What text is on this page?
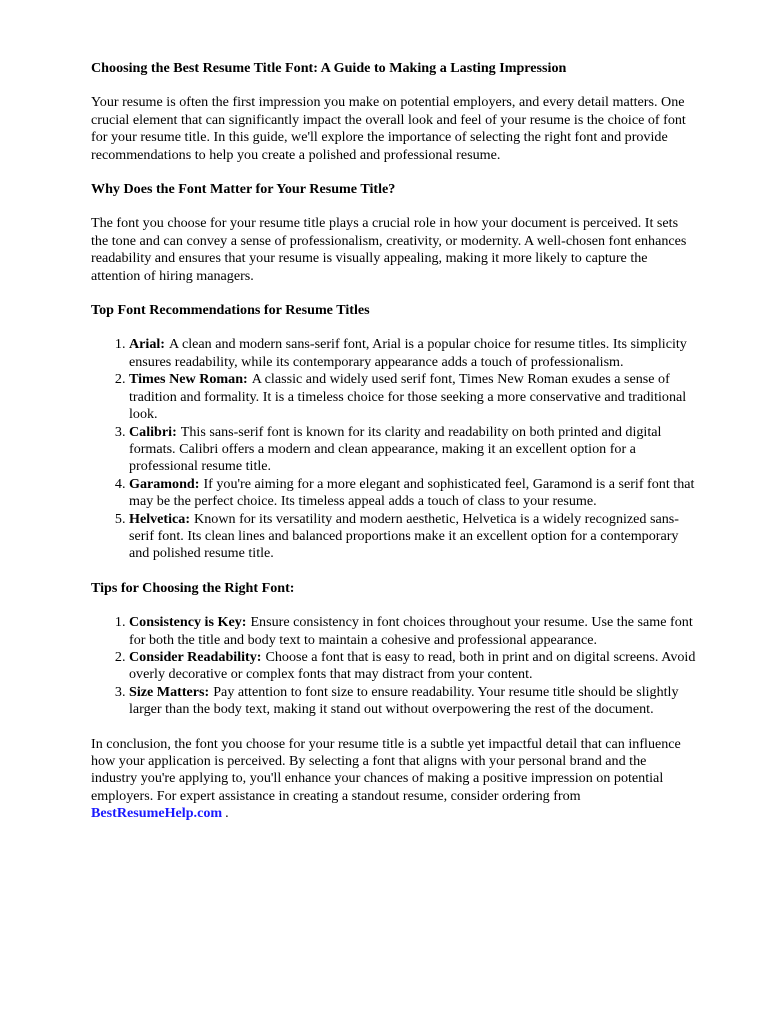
Choosing the Best Resume Title Font: A Guide to Making a Lasting Impression

Your resume is often the first impression you make on potential employers, and every detail matters. One crucial element that can significantly impact the overall look and feel of your resume is the choice of font for your resume title. In this guide, we'll explore the importance of selecting the right font and provide recommendations to help you create a polished and professional resume.

Why Does the Font Matter for Your Resume Title?

The font you choose for your resume title plays a crucial role in how your document is perceived. It sets the tone and can convey a sense of professionalism, creativity, or modernity. A well-chosen font enhances readability and ensures that your resume is visually appealing, making it more likely to capture the attention of hiring managers.

Top Font Recommendations for Resume Titles
1. Arial: A clean and modern sans-serif font, Arial is a popular choice for resume titles. Its simplicity ensures readability, while its contemporary appearance adds a touch of professionalism.
2. Times New Roman: A classic and widely used serif font, Times New Roman exudes a sense of tradition and formality. It is a timeless choice for those seeking a more conservative and traditional look.
3. Calibri: This sans-serif font is known for its clarity and readability on both printed and digital formats. Calibri offers a modern and clean appearance, making it an excellent option for a professional resume title.
4. Garamond: If you're aiming for a more elegant and sophisticated feel, Garamond is a serif font that may be the perfect choice. Its timeless appeal adds a touch of class to your resume.
5. Helvetica: Known for its versatility and modern aesthetic, Helvetica is a widely recognized sans-serif font. Its clean lines and balanced proportions make it an excellent option for a contemporary and polished resume title.
Tips for Choosing the Right Font:
1. Consistency is Key: Ensure consistency in font choices throughout your resume. Use the same font for both the title and body text to maintain a cohesive and professional appearance.
2. Consider Readability: Choose a font that is easy to read, both in print and on digital screens. Avoid overly decorative or complex fonts that may distract from your content.
3. Size Matters: Pay attention to font size to ensure readability. Your resume title should be slightly larger than the body text, making it stand out without overpowering the rest of the document.

In conclusion, the font you choose for your resume title is a subtle yet impactful detail that can influence how your application is perceived. By selecting a font that aligns with your personal brand and the industry you're applying to, you'll enhance your chances of making a positive impression on potential employers. For expert assistance in creating a standout resume, consider ordering from
BestResumeHelp.com .
